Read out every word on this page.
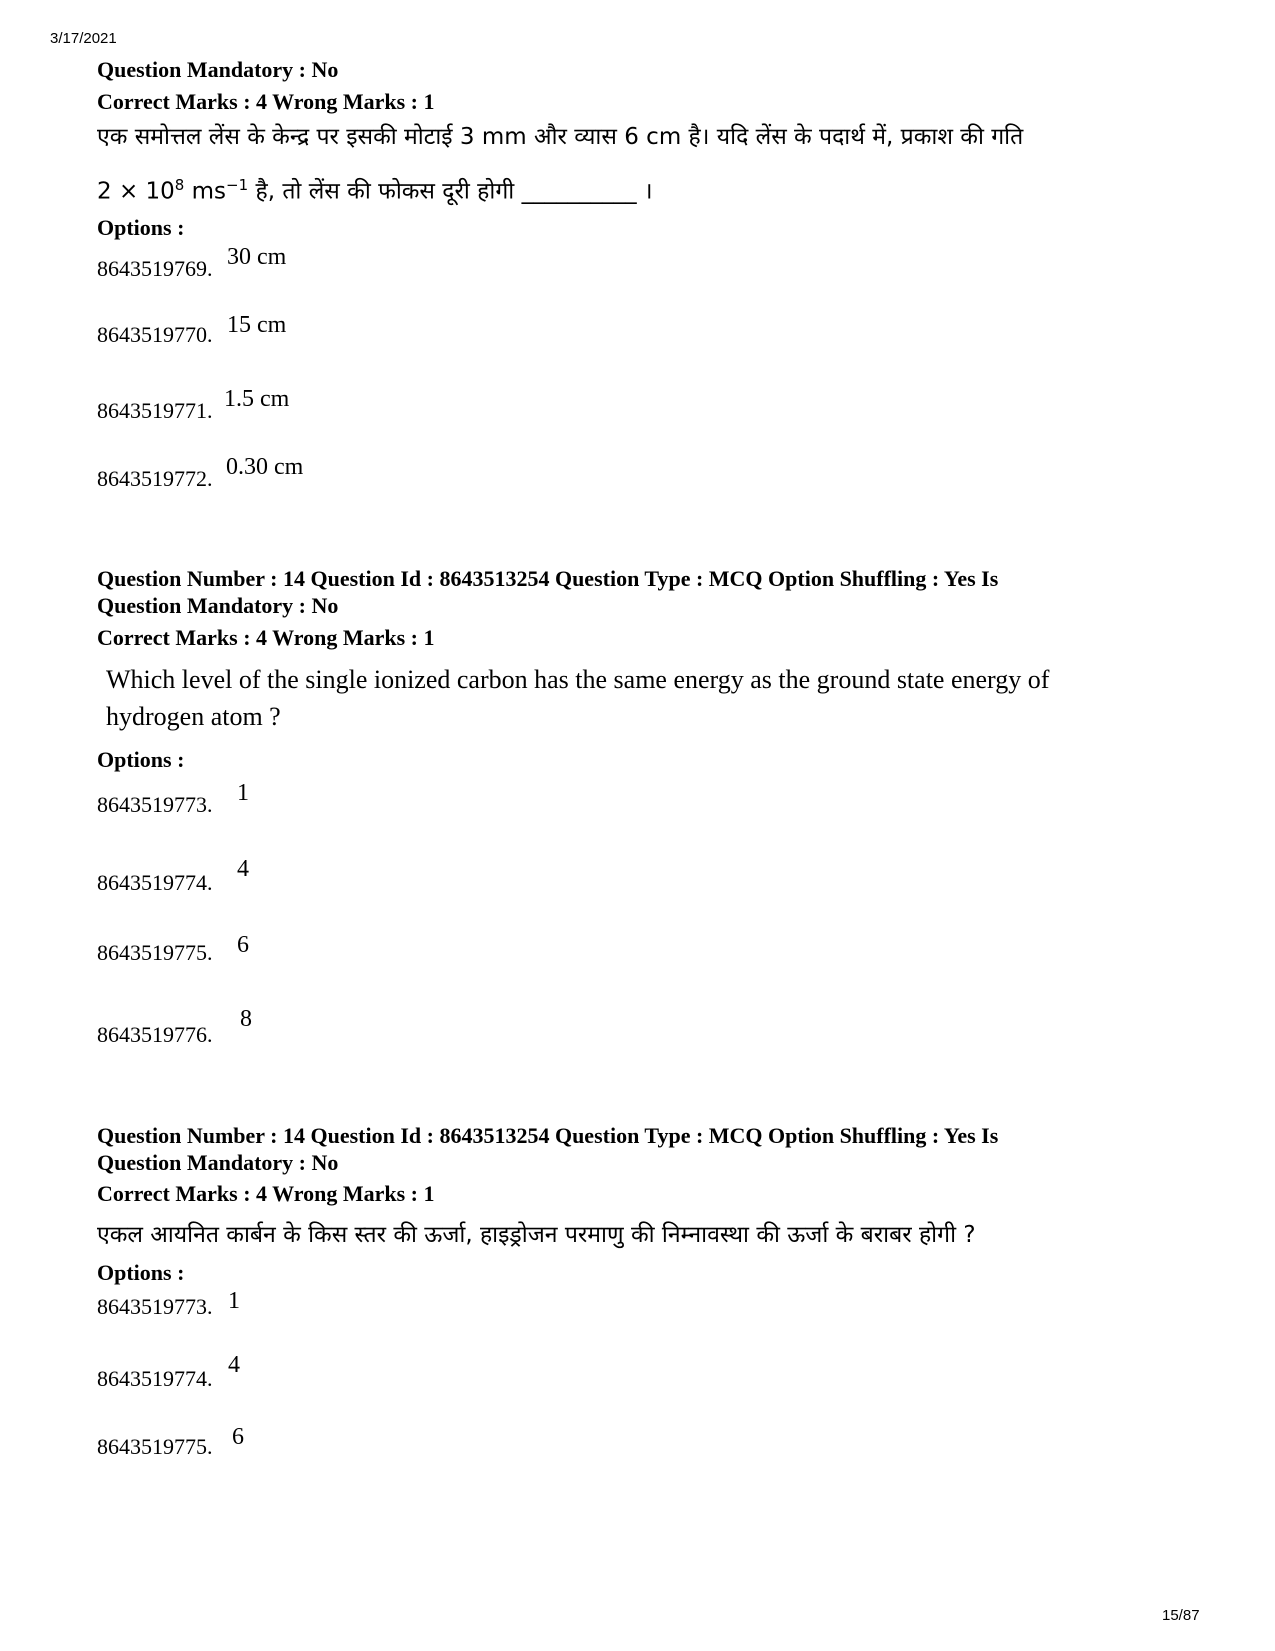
3/17/2021
Question Mandatory : No
Correct Marks : 4 Wrong Marks : 1
एक समोत्तल लेंस के केन्द्र पर इसकी मोटाई 3 mm और व्यास 6 cm है। यदि लेंस के पदार्थ में, प्रकाश की गति
$2 \times 10^8$ $ms^{-1}$ है, तो लेंस की फोकस दूरी होगी __________ ।
Options :
8643519769. 30 cm
8643519770. 15 cm
8643519771. 1.5 cm
8643519772. 0.30 cm
Question Number : 14 Question Id : 8643513254 Question Type : MCQ Option Shuffling : Yes Is
Question Mandatory : No
Correct Marks : 4 Wrong Marks : 1
Which level of the single ionized carbon has the same energy as the ground state energy of
hydrogen atom ?
Options :
8643519773. 1
8643519774.
4
8643519775. 6
8643519776.
8
Question Number : 14 Question Id : 8643513254 Question Type : MCQ Option Shuffling : Yes Is
Question Mandatory : No
Correct Marks : 4 Wrong Marks : 1
एकल आयनित कार्बन के किस स्तर की ऊर्जा, हाइड्रोजन परमाणु की निम्नावस्था की ऊर्जा के बराबर होगी ?
Options :
8643519773. 1
8643519774.
4
8643519775. 6
15/87
